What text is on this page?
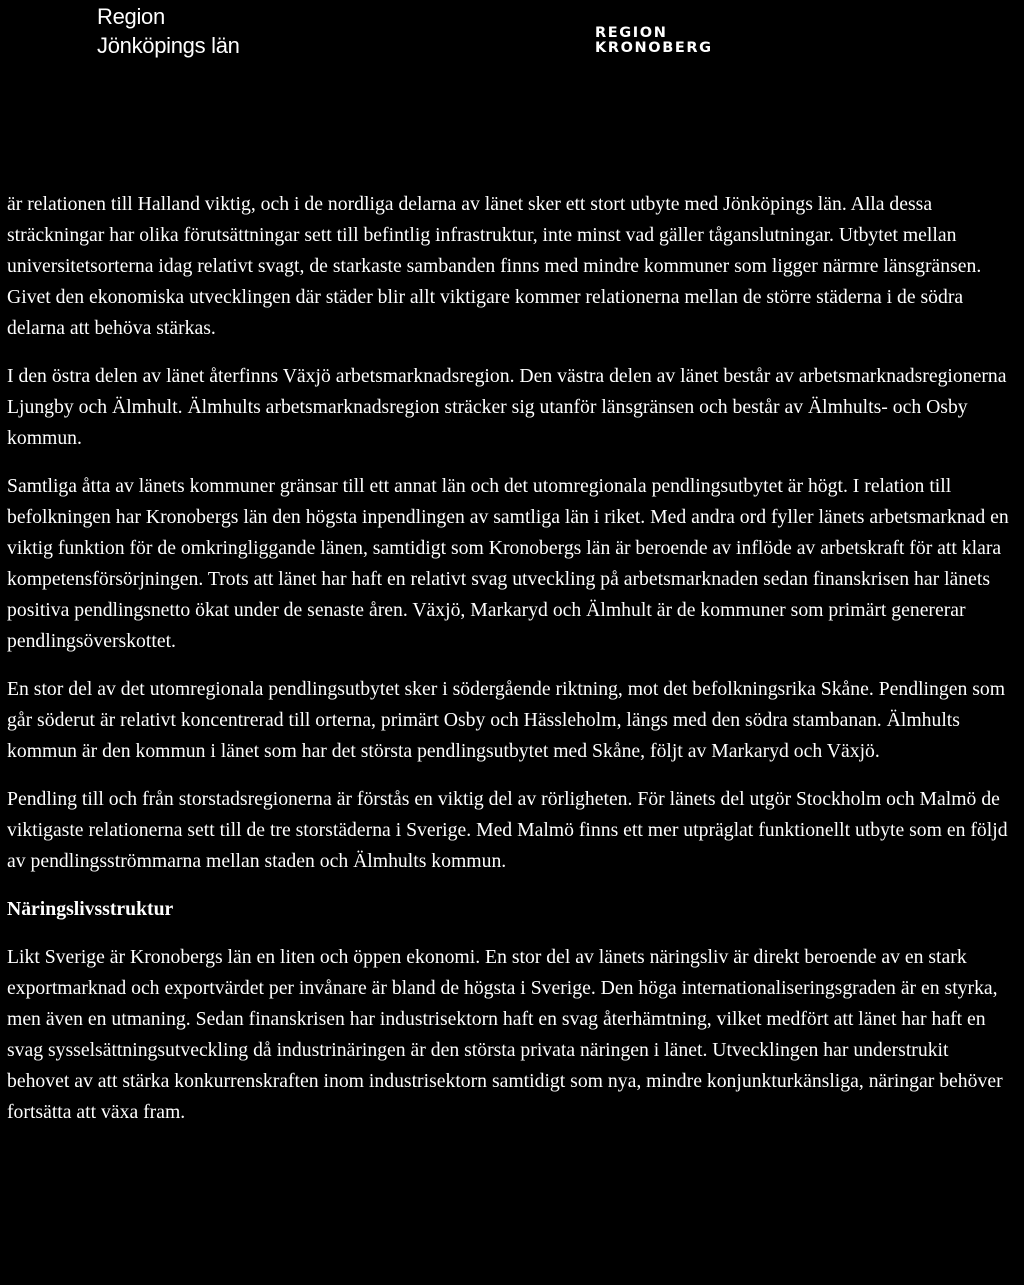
Region
Jönköpings län	REGION
KRONOBERG

är relationen till Halland viktig, och i de nordliga delarna av länet sker ett stort utbyte med Jönköpings län. Alla dessa sträckningar har olika förutsättningar sett till befintlig infrastruktur, inte minst vad gäller tåganslutningar. Utbytet mellan universitetsorterna idag relativt svagt, de starkaste sambanden finns med mindre kommuner som ligger närmre länsgränsen. Givet den ekonomiska utvecklingen där städer blir allt viktigare kommer relationerna mellan de större städerna i de södra delarna att behöva stärkas.

I den östra delen av länet återfinns Växjö arbetsmarknadsregion. Den västra delen av länet består av arbetsmarknadsregionerna Ljungby och Älmhult. Älmhults arbetsmarknadsregion sträcker sig utanför länsgränsen och består av Älmhults- och Osby kommun.

Samtliga åtta av länets kommuner gränsar till ett annat län och det utomregionala pendlingsutbytet är högt. I relation till befolkningen har Kronobergs län den högsta inpendlingen av samtliga län i riket. Med andra ord fyller länets arbetsmarknad en viktig funktion för de omkringliggande länen, samtidigt som Kronobergs län är beroende av inflöde av arbetskraft för att klara kompetensförsörjningen. Trots att länet har haft en relativt svag utveckling på arbetsmarknaden sedan finanskrisen har länets positiva pendlingsnetto ökat under de senaste åren. Växjö, Markaryd och Älmhult är de kommuner som primärt genererar pendlingsöverskottet.

En stor del av det utomregionala pendlingsutbytet sker i södergående riktning, mot det befolkningsrika Skåne. Pendlingen som går söderut är relativt koncentrerad till orterna, primärt Osby och Hässleholm, längs med den södra stambanan. Älmhults kommun är den kommun i länet som har det största pendlingsutbytet med Skåne, följt av Markaryd och Växjö.

Pendling till och från storstadsregionerna är förstås en viktig del av rörligheten. För länets del utgör Stockholm och Malmö de viktigaste relationerna sett till de tre storstäderna i Sverige. Med Malmö finns ett mer utpräglat funktionellt utbyte som en följd av pendlingsströmmarna mellan staden och Älmhults kommun.

Näringslivsstruktur

Likt Sverige är Kronobergs län en liten och öppen ekonomi. En stor del av länets näringsliv är direkt beroende av en stark exportmarknad och exportvärdet per invånare är bland de högsta i Sverige. Den höga internationaliseringsgraden är en styrka, men även en utmaning. Sedan finanskrisen har industrisektorn haft en svag återhämtning, vilket medfört att länet har haft en svag sysselsättningsutveckling då industrinäringen är den största privata näringen i länet. Utvecklingen har understrukit behovet av att stärka konkurrenskraften inom industrisektorn samtidigt som nya, mindre konjunkturkänsliga, näringar behöver fortsätta att växa fram.
